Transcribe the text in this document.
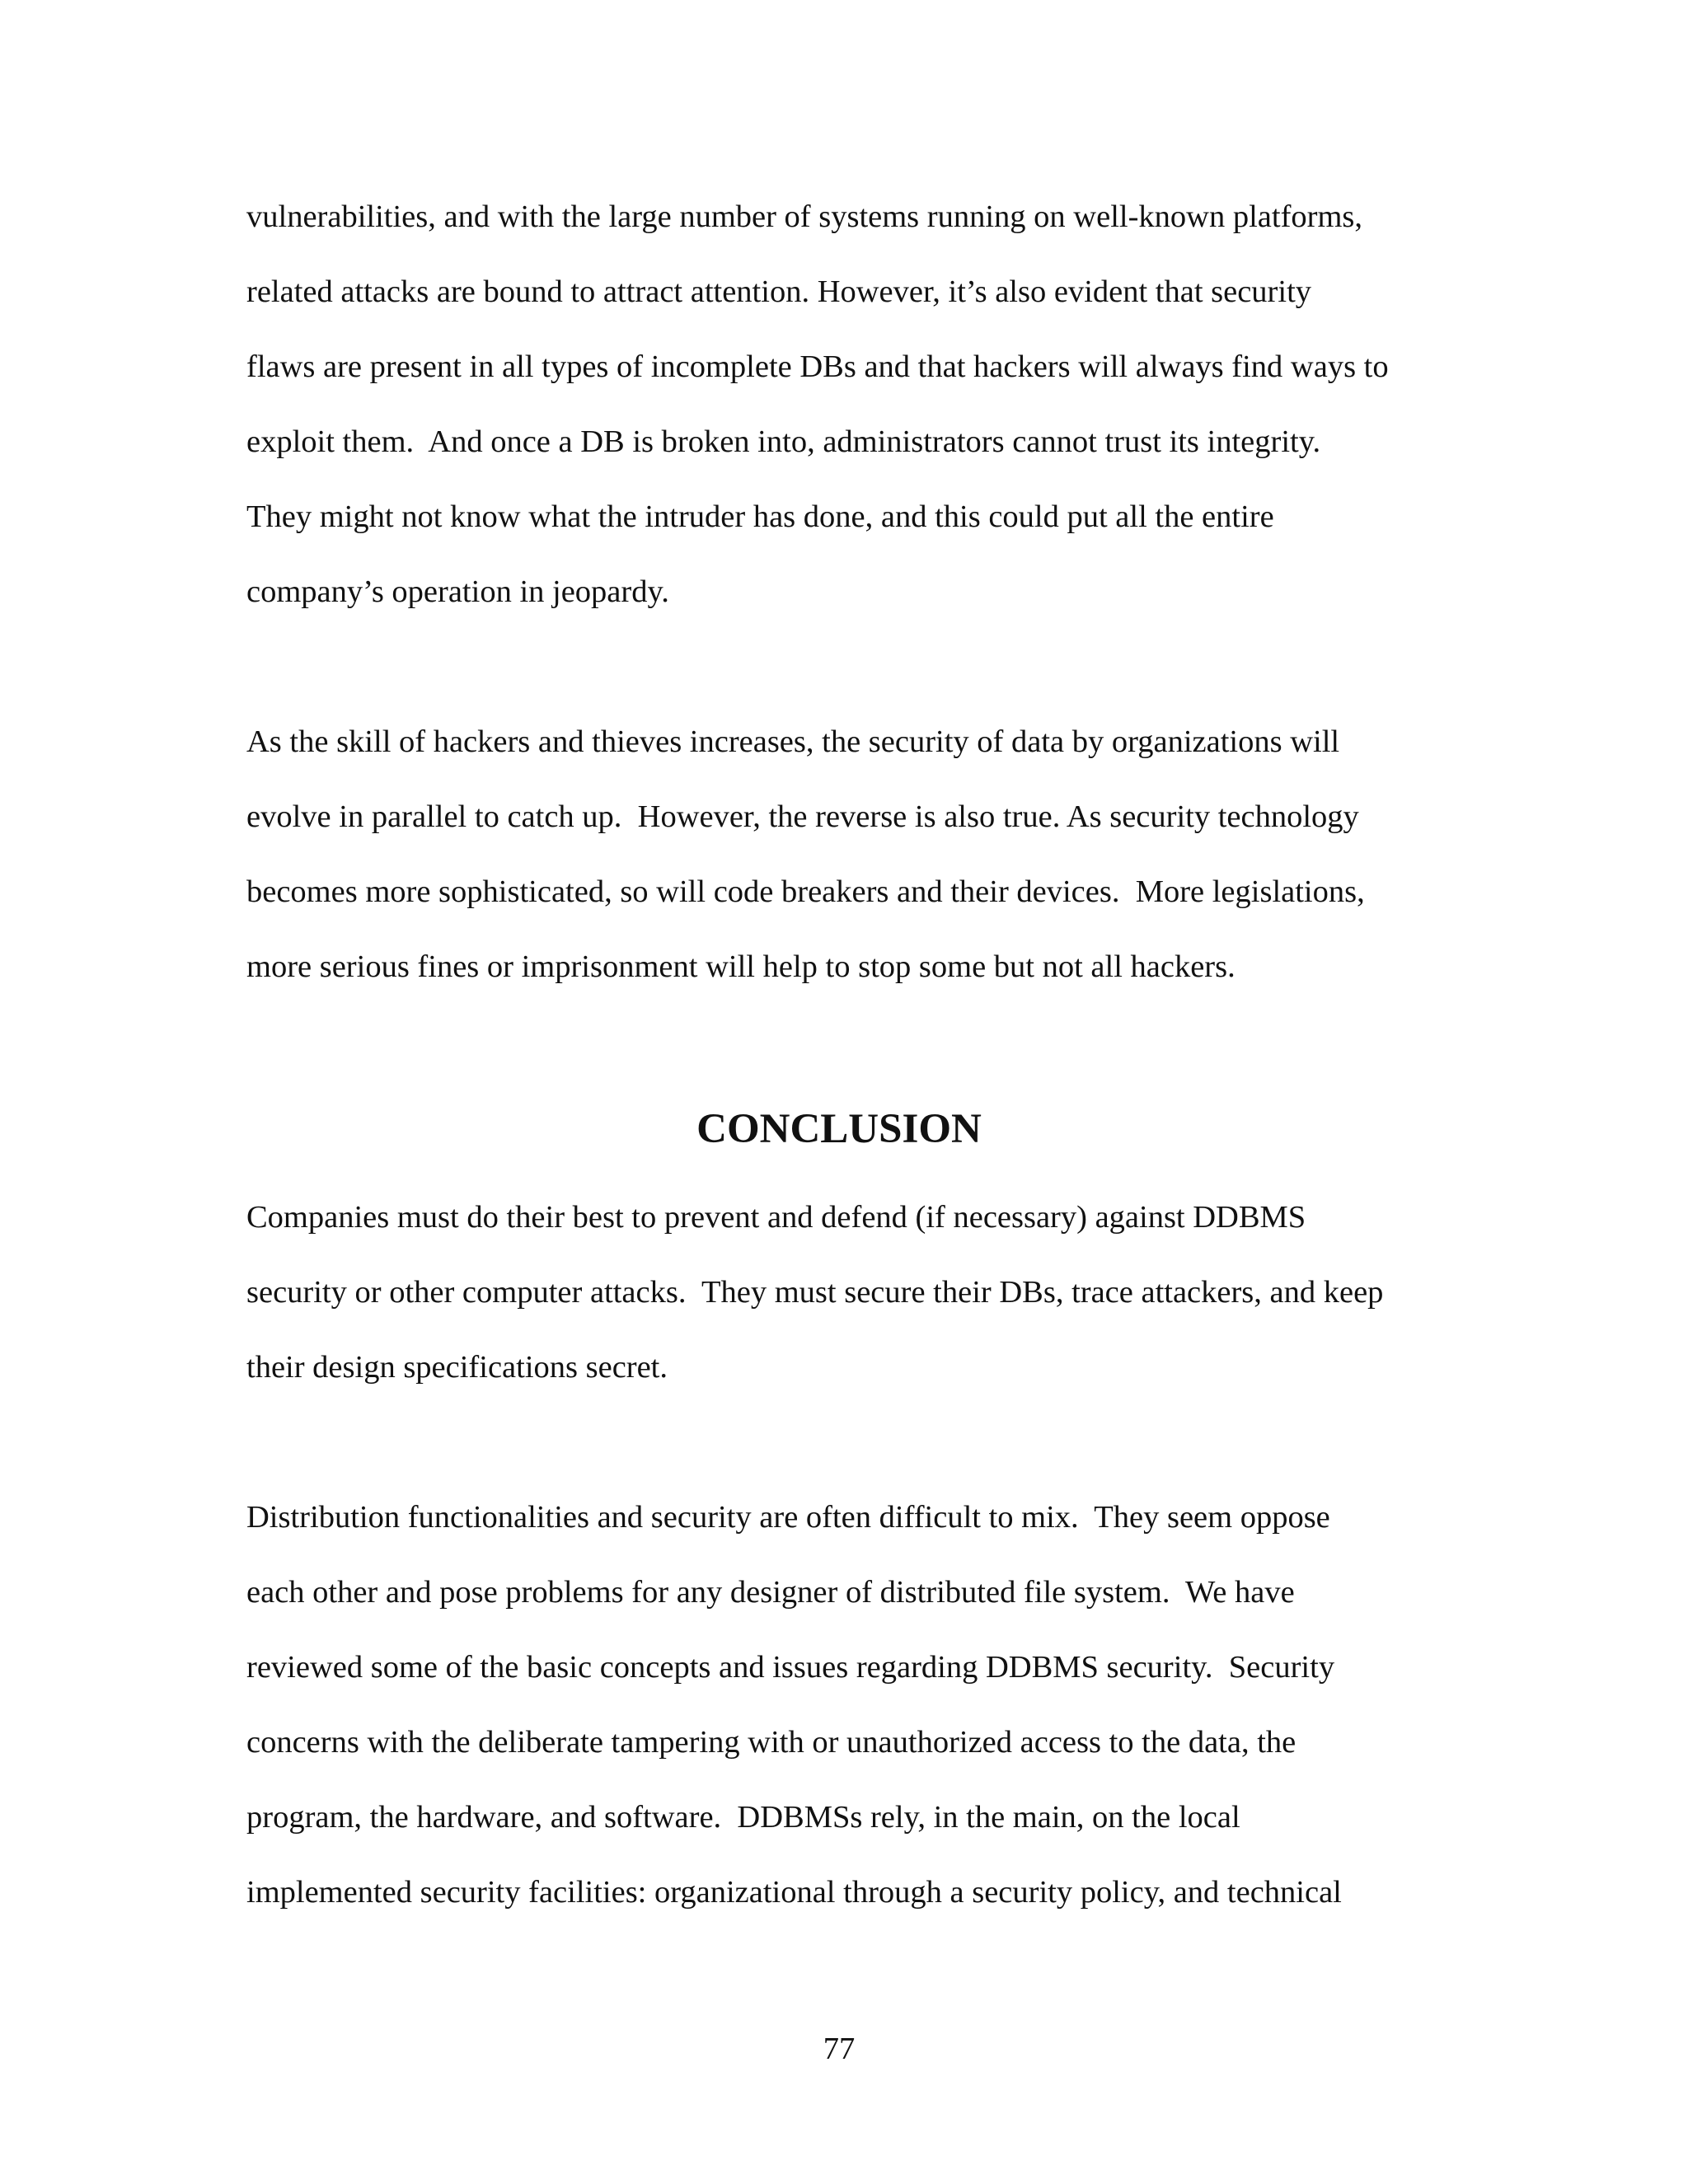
vulnerabilities, and with the large number of systems running on well-known platforms,
related attacks are bound to attract attention. However, it’s also evident that security
flaws are present in all types of incomplete DBs and that hackers will always find ways to
exploit them.  And once a DB is broken into, administrators cannot trust its integrity.
They might not know what the intruder has done, and this could put all the entire
company’s operation in jeopardy.
As the skill of hackers and thieves increases, the security of data by organizations will
evolve in parallel to catch up.  However, the reverse is also true. As security technology
becomes more sophisticated, so will code breakers and their devices.  More legislations,
more serious fines or imprisonment will help to stop some but not all hackers.
CONCLUSION
Companies must do their best to prevent and defend (if necessary) against DDBMS
security or other computer attacks.  They must secure their DBs, trace attackers, and keep
their design specifications secret.
Distribution functionalities and security are often difficult to mix.  They seem oppose
each other and pose problems for any designer of distributed file system.  We have
reviewed some of the basic concepts and issues regarding DDBMS security.  Security
concerns with the deliberate tampering with or unauthorized access to the data, the
program, the hardware, and software.  DDBMSs rely, in the main, on the local
implemented security facilities: organizational through a security policy, and technical
77
